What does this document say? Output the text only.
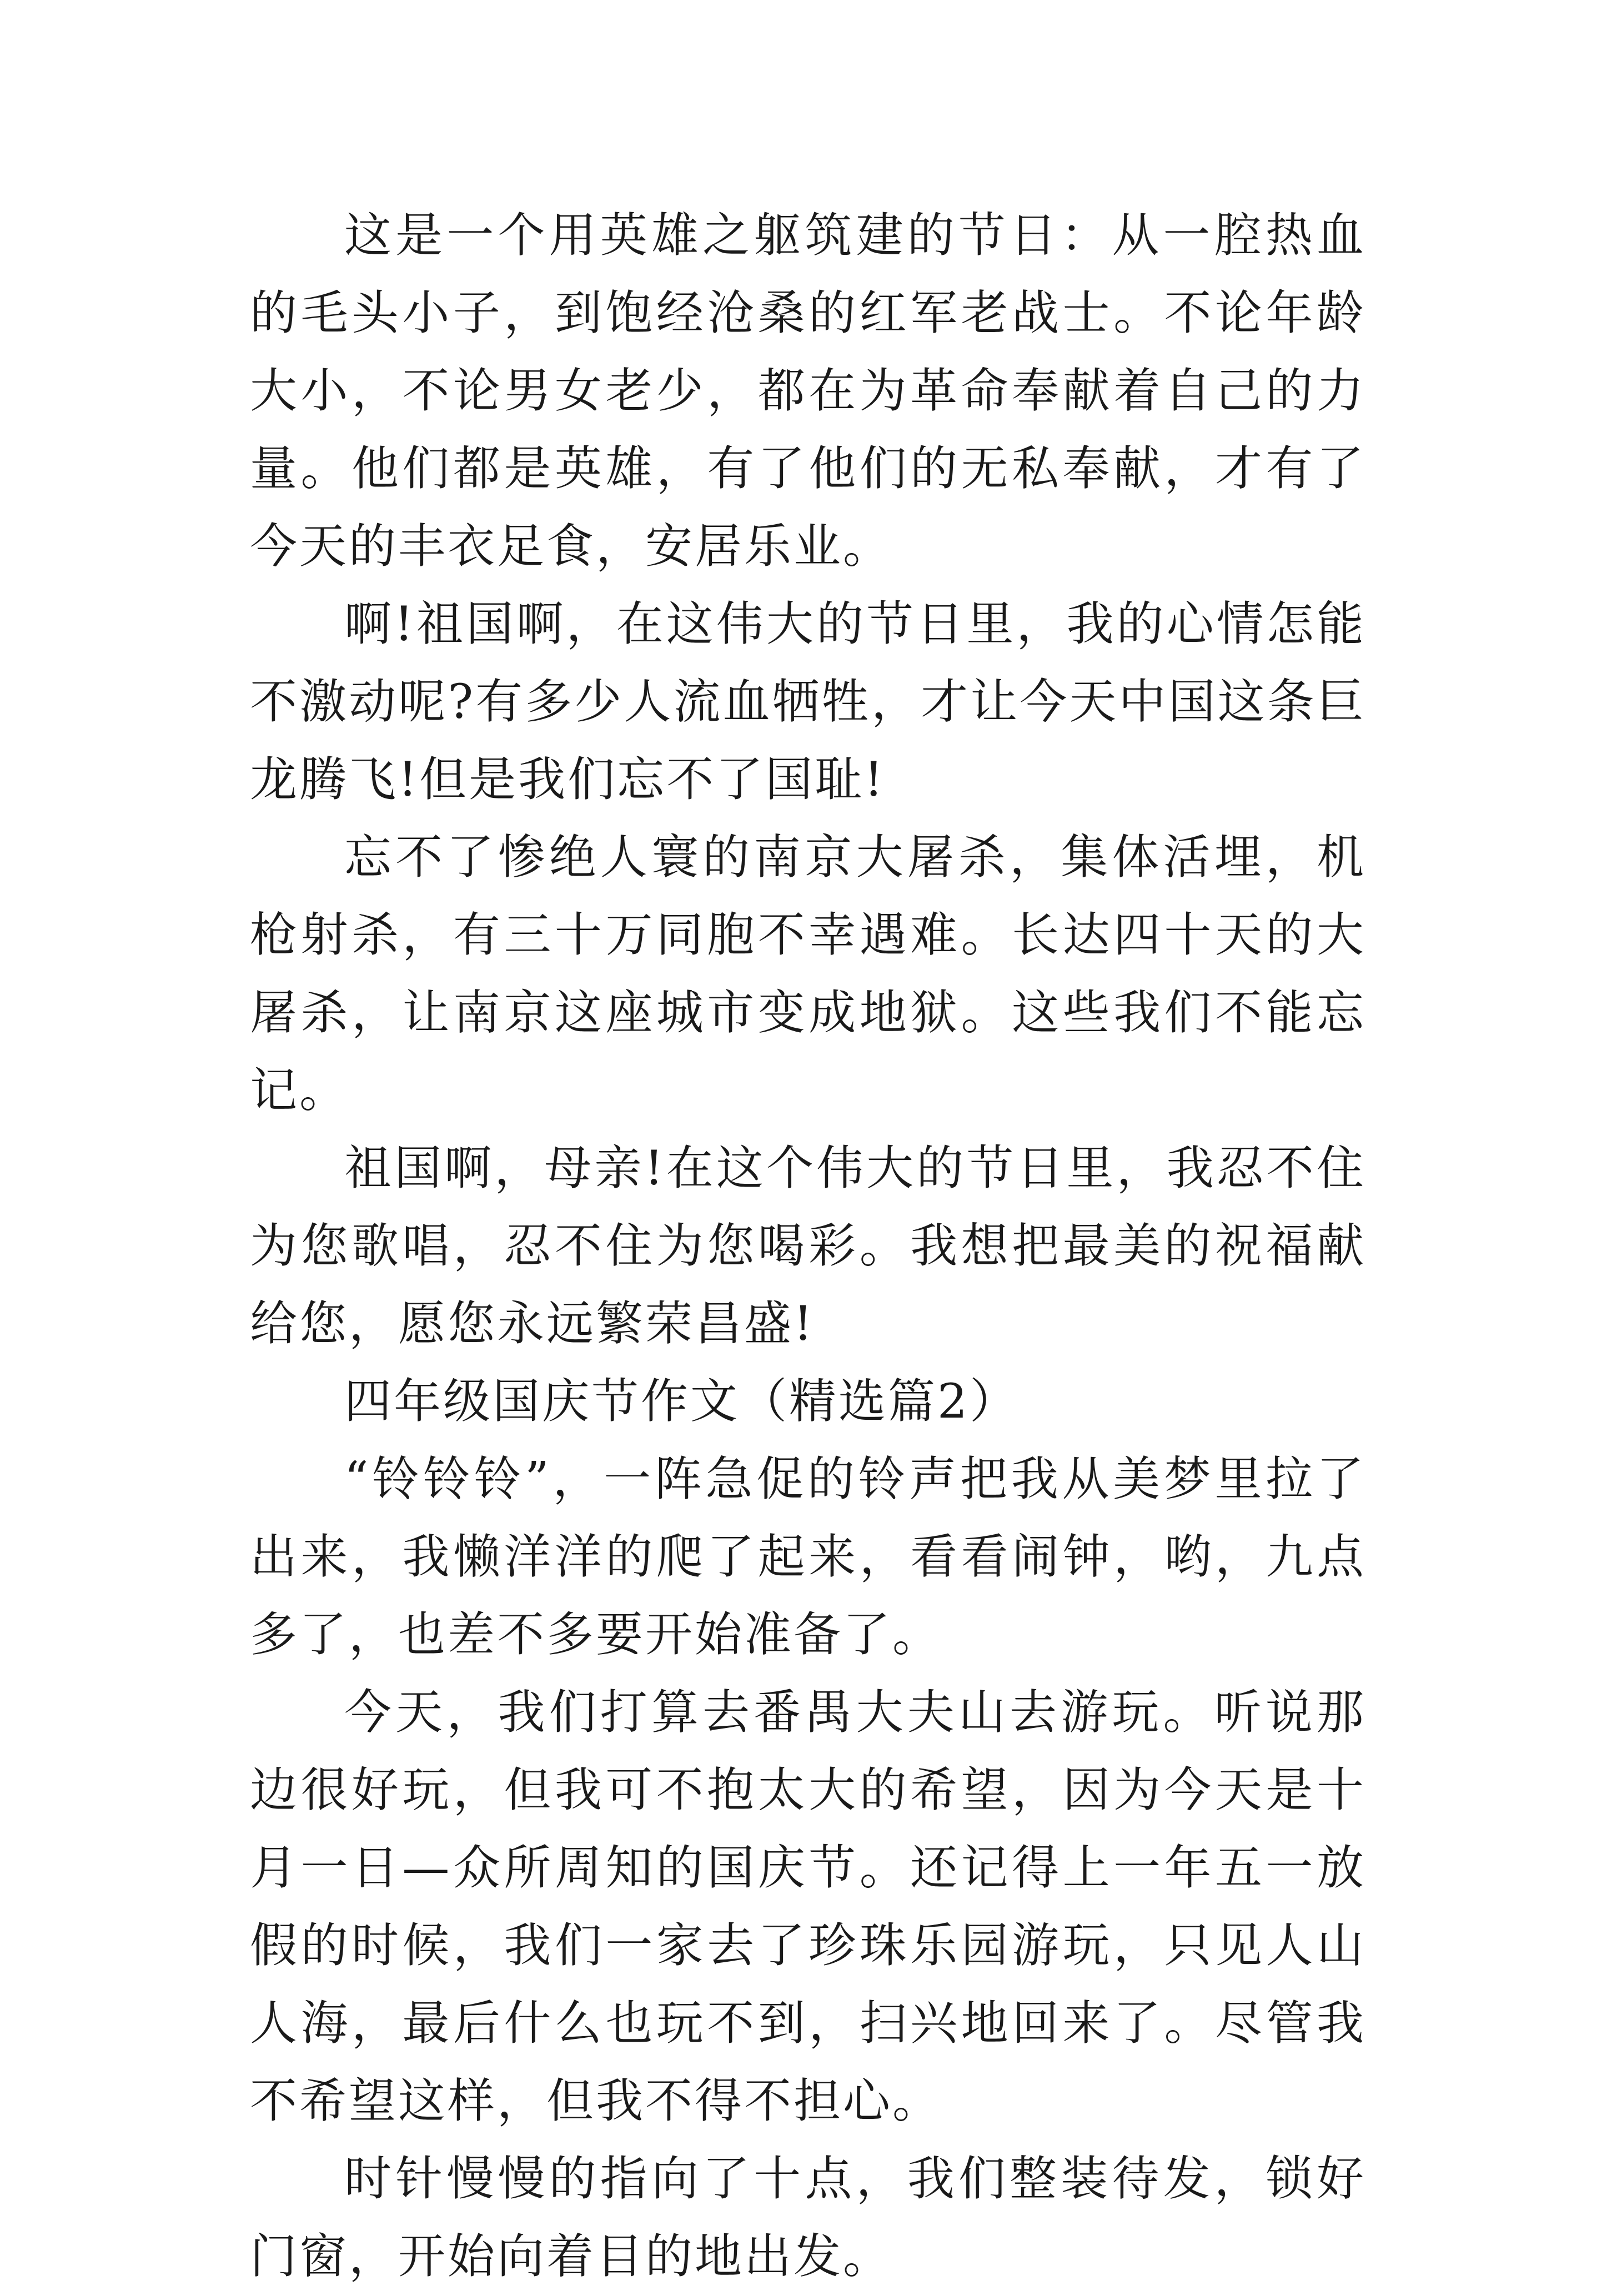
这是一个用英雄之躯筑建的节日：从一腔热血的毛头小子，到饱经沧桑的红军老战士。不论年龄大小，不论男女老少，都在为革命奉献着自己的力量。他们都是英雄，有了他们的无私奉献，才有了今天的丰衣足食，安居乐业。

啊!祖国啊，在这伟大的节日里，我的心情怎能不激动呢?有多少人流血牺牲，才让今天中国这条巨龙腾飞!但是我们忘不了国耻!

忘不了惨绝人寰的南京大屠杀，集体活埋，机枪射杀，有三十万同胞不幸遇难。长达四十天的大屠杀，让南京这座城市变成地狱。这些我们不能忘记。

祖国啊，母亲!在这个伟大的节日里，我忍不住为您歌唱，忍不住为您喝彩。我想把最美的祝福献给您，愿您永远繁荣昌盛!

四年级国庆节作文（精选篇2）

“铃铃铃”，一阵急促的铃声把我从美梦里拉了出来，我懒洋洋的爬了起来，看看闹钟，哟，九点多了，也差不多要开始准备了。

今天，我们打算去番禺大夫山去游玩。听说那边很好玩，但我可不抱太大的希望，因为今天是十月一日—众所周知的国庆节。还记得上一年五一放假的时候，我们一家去了珍珠乐园游玩，只见人山人海，最后什么也玩不到，扫兴地回来了。尽管我不希望这样，但我不得不担心。

时针慢慢的指向了十点，我们整装待发，锁好门窗，开始向着目的地出发。
